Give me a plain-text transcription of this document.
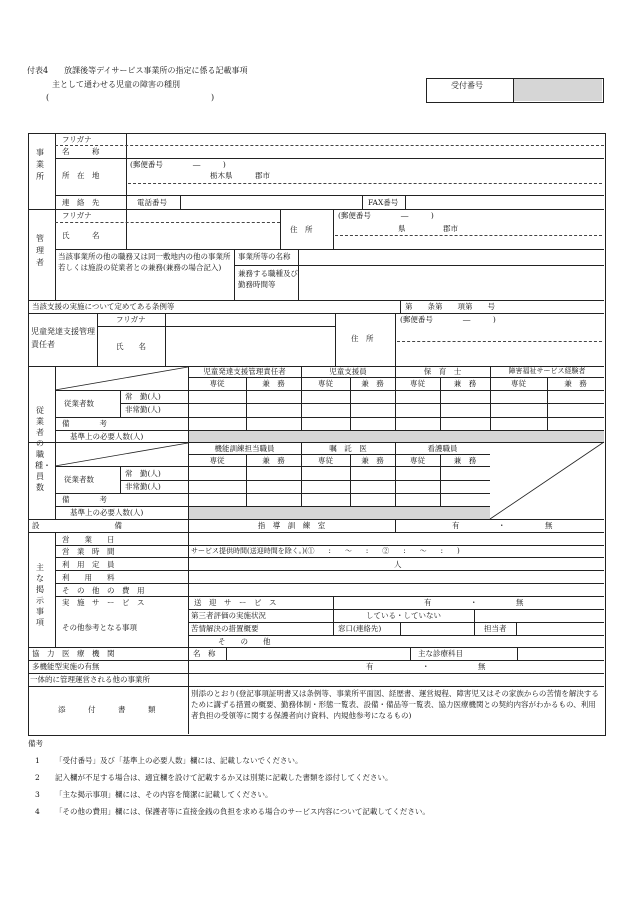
付表4　　放課後等デイサービス事業所の指定に係る記載事項
主として通わせる児童の障害の種別
(	)
受付番号
事業所
フリガナ
名　　　称
所　在　地
(郵便番号　　　　―　　　)
栃木県	郡市
連　絡　先	電話番号	FAX番号
管理者
フリガナ
氏　　　名
住　所
(郵便番号　　　　―　　　)
県	郡市
当該事業所の他の職務又は同一敷地内の他の事業所若しくは施設の従業者との兼務(兼務の場合記入)
事業所等の名称
兼務する職種及び勤務時間等
当該支援の実施について定めてある条例等	第　　条第　　項第　　号
児童発達支援管理責任者
フリガナ
氏　　名
住　所
(郵便番号　　　　―　　　)
従業者の職種・員数
児童発達支援管理責任者	児童支援員	保　育　士	障害福祉サービス経験者
専従	兼　務	専従	兼　務	専従	兼　務	専従	兼　務
従業者数
常　勤(人)
非常勤(人)
備　　　　考
基準上の必要人数(人)
機能訓練担当職員	嘱　託　医	看護職員
専従	兼　務	専従	兼　務	専従	兼　務
従業者数
常　勤(人)
非常勤(人)
備　　　　考
基準上の必要人数(人)
設　　　　　　　　　　備	指　導　訓　練　室	有	・	無
主な掲示事項
営　　業　　日
営　業　時　間	サービス提供時間(送迎時間を除く。)(①　　:　　〜　　:　　②　　:　　〜　　:　　)
利　用　定　員	人
利　　用　　料
そ　の　他　の　費　用
実　施　サ　ー　ビ　ス	送　迎　サ　ー　ビ　ス	有	・	無
その他参考となる事項
第三者評価の実施状況	している・していない
苦情解決の措置概要	窓口(連絡先)	担当者
そ　　の　　他
協　力　医　療　機　関	名　称	主な診療科目
多機能型実施の有無	有	・	無
一体的に管理運営される他の事業所
添　　　付　　　書　　　類
別添のとおり(登記事項証明書又は条例等、事業所平面図、経歴書、運営規程、障害児又はその家族からの苦情を解決するために講ずる措置の概要、勤務体制・形態一覧表、設備・備品等一覧表、協力医療機関との契約内容がわかるもの、利用者負担の受領等に関する保護者向け資料、内規他参考になるもの)
備考
1 「受付番号」及び「基準上の必要人数」欄には、記載しないでください。
2 記入欄が不足する場合は、適宜欄を設けて記載するか又は別葉に記載した書類を添付してください。
3 「主な掲示事項」欄には、その内容を簡潔に記載してください。
4 「その他の費用」欄には、保護者等に直接金銭の負担を求める場合のサービス内容について記載してください。
